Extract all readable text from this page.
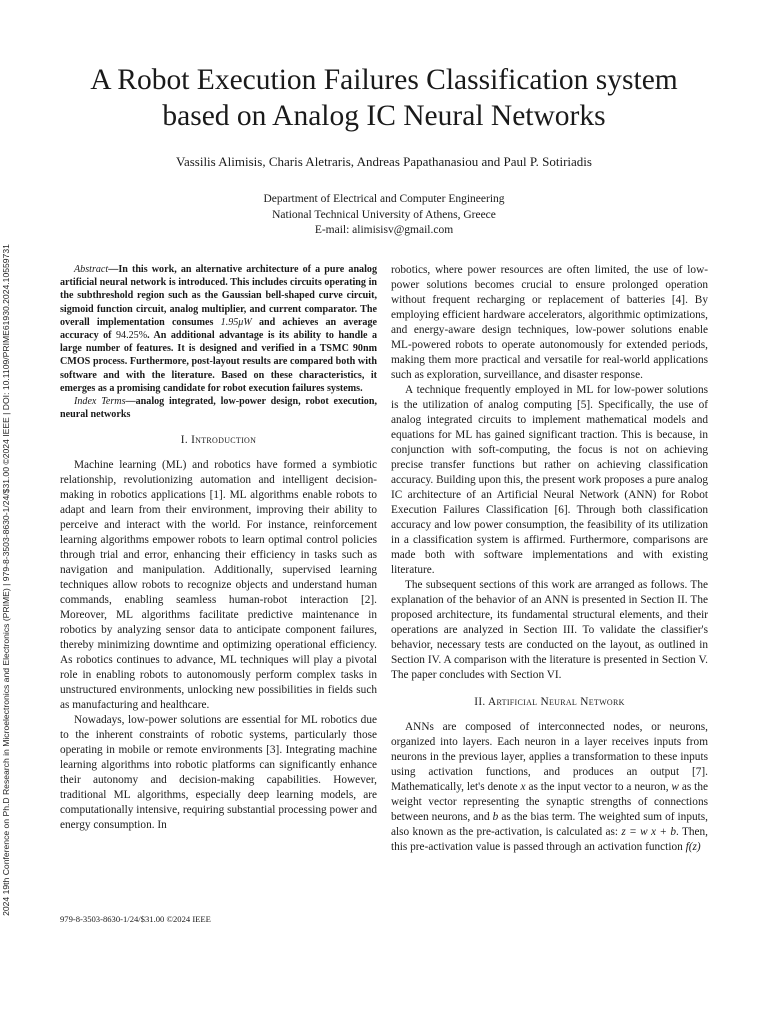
2024 19th Conference on Ph.D Research in Microelectronics and Electronics (PRIME) | 979-8-3503-8630-1/24/$31.00 ©2024 IEEE | DOI: 10.1109/PRIME61930.2024.10559731
A Robot Execution Failures Classification system
based on Analog IC Neural Networks
Vassilis Alimisis, Charis Aletraris, Andreas Papathanasiou and Paul P. Sotiriadis
Department of Electrical and Computer Engineering
National Technical University of Athens, Greece
E-mail: alimisisv@gmail.com

Abstract—In this work, an alternative architecture of a pure analog artificial neural network is introduced. This includes circuits operating in the subthreshold region such as the Gaussian bell-shaped curve circuit, sigmoid function circuit, analog multiplier, and current comparator. The overall implementation consumes 1.95μW and achieves an average accuracy of 94.25%. An additional advantage is its ability to handle a large number of features. It is designed and verified in a TSMC 90nm CMOS process. Furthermore, post-layout results are compared both with software and with the literature. Based on these characteristics, it emerges as a promising candidate for robot execution failures systems.

Index Terms—analog integrated, low-power design, robot execution, neural networks

I. Introduction

Machine learning (ML) and robotics have formed a symbiotic relationship, revolutionizing automation and intelligent decision-making in robotics applications [1]. ML algorithms enable robots to adapt and learn from their environment, improving their ability to perceive and interact with the world. For instance, reinforcement learning algorithms empower robots to learn optimal control policies through trial and error, enhancing their efficiency in tasks such as navigation and manipulation. Additionally, supervised learning techniques allow robots to recognize objects and understand human commands, enabling seamless human-robot interaction [2]. Moreover, ML algorithms facilitate predictive maintenance in robotics by analyzing sensor data to anticipate component failures, thereby minimizing downtime and optimizing operational efficiency. As robotics continues to advance, ML techniques will play a pivotal role in enabling robots to autonomously perform complex tasks in unstructured environments, unlocking new possibilities in fields such as manufacturing and healthcare.

Nowadays, low-power solutions are essential for ML robotics due to the inherent constraints of robotic systems, particularly those operating in mobile or remote environments [3]. Integrating machine learning algorithms into robotic platforms can significantly enhance their autonomy and decision-making capabilities. However, traditional ML algorithms, especially deep learning models, are computationally intensive, requiring substantial processing power and energy consumption. In

robotics, where power resources are often limited, the use of low-power solutions becomes crucial to ensure prolonged operation without frequent recharging or replacement of batteries [4]. By employing efficient hardware accelerators, algorithmic optimizations, and energy-aware design techniques, low-power solutions enable ML-powered robots to operate autonomously for extended periods, making them more practical and versatile for real-world applications such as exploration, surveillance, and disaster response.

A technique frequently employed in ML for low-power solutions is the utilization of analog computing [5]. Specifically, the use of analog integrated circuits to implement mathematical models and equations for ML has gained significant traction. This is because, in conjunction with soft-computing, the focus is not on achieving precise transfer functions but rather on achieving classification accuracy. Building upon this, the present work proposes a pure analog IC architecture of an Artificial Neural Network (ANN) for Robot Execution Failures Classification [6]. Through both classification accuracy and low power consumption, the feasibility of its utilization in a classification system is affirmed. Furthermore, comparisons are made both with software implementations and with existing literature.

The subsequent sections of this work are arranged as follows. The explanation of the behavior of an ANN is presented in Section II. The proposed architecture, its fundamental structural elements, and their operations are analyzed in Section III. To validate the classifier's behavior, necessary tests are conducted on the layout, as outlined in Section IV. A comparison with the literature is presented in Section V. The paper concludes with Section VI.

II. Artificial Neural Network

ANNs are composed of interconnected nodes, or neurons, organized into layers. Each neuron in a layer receives inputs from neurons in the previous layer, applies a transformation to these inputs using activation functions, and produces an output [7]. Mathematically, let's denote x as the input vector to a neuron, w as the weight vector representing the synaptic strengths of connections between neurons, and b as the bias term. The weighted sum of inputs, also known as the pre-activation, is calculated as: z = w x + b. Then, this pre-activation value is passed through an activation function f(z)

979-8-3503-8630-1/24/$31.00 ©2024 IEEE
